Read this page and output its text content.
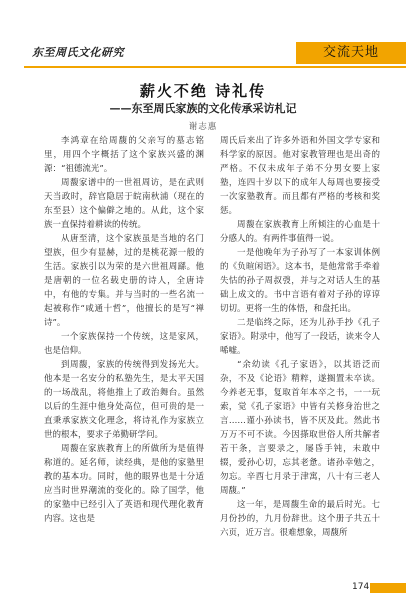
东至周氏文化研究	交流天地
薪火不绝 诗礼传
——东至周氏家族的文化传承采访札记
谢志惠

李鸿章在给周馥的父亲写的墓志铭里，用四个字概括了这个家族兴盛的渊源：“祖德流光”。

周馥家谱中的一世祖周访，是在武则天当政时，辞官隐居于皖南秋浦（现在的东至县）这个偏僻之地的。从此，这个家族一直保持着耕读的传统。

从唐至清，这个家族虽是当地的名门望族，但少有显赫，过的是桃花源一般的生活。家族引以为荣的是六世祖周繇。他是唐朝的一位名载史册的诗人，全唐诗中，有他的专集。并与当时的一些名流一起被称作“咸通十哲”，他擅长的是写“禅诗”。

一个家族保持一个传统，这是家风，也是信仰。

到周馥，家族的传统得到发扬光大。他本是一名安分的私塾先生，是太平天国的一场战乱，将他推上了政治舞台。虽然以后的生涯中他身处高位，但可贵的是一直秉承家族文化理念，将诗礼作为家族立世的根本，要求子弟勤研学问。

周馥在家族教育上的所做所为是值得称道的。延名师，读经典，是他的家塾里教的基本功。同时，他的眼界也是十分适应当时世界潮流的变化的。除了国学，他的家塾中已经引入了英语和现代理化教育内容。这也是

周氏后来出了许多外语和外国文学专家和科学家的原因。他对家教管理也是出奇的严格。不仅未成年子弟不分男女要上家塾，连四十岁以下的成年人每周也要接受一次家塾教育。而且都有严格的考核和奖惩。

周馥在家族教育上所倾注的心血是十分感人的。有两件事值得一说。

一是他晚年为子孙写了一本家训体例的《负暄闲语》。这本书，是他常常手牵着失怙的孙子周叔弢，并与之对话人生的基础上成文的。书中言语有着对子孙的谆谆切切。更将一生的体悟，和盘托出。

二是临终之际，还为儿孙手抄《孔子家语》。附录中，他写了一段话，读来令人唏嘘。

“余幼读《孔子家语》，以其语泛而杂，不及《论语》精粹，遂搁置未卒读。今养老无事，复取首年本卒之书，一一玩索，觉《孔子家语》中皆有关修身治世之言……谨小孙读书，皆不厌及此。然此书万万不可不读。今因搽取世俗人所共解者若干条，言要录之，屡昏手钝，未敢中辍，爱孙心切，忘其老惫。诸孙幸勉之，勿忘。辛酉七月录于津寓，八十有三老人周馥。”

这一年，是周馥生命的最后时光。七月份抄的，九月份辞世。这个册子共五十六页，近万言。很难想象，周馥所

174
